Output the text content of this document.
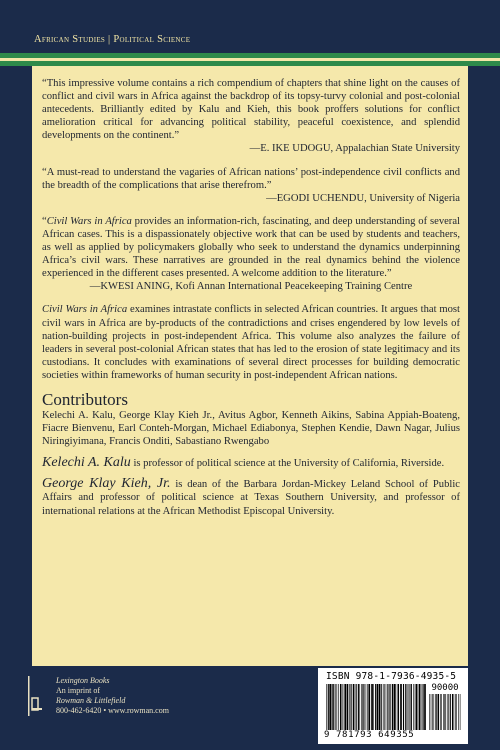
African Studies | Political Science

“This impressive volume contains a rich compendium of chapters that shine light on the causes of conflict and civil wars in Africa against the backdrop of its topsy-turvy colonial and post-colonial antecedents. Brilliantly edited by Kalu and Kieh, this book proffers solutions for conflict amelioration critical for advancing political stability, peaceful coexistence, and splendid developments on the continent.”

—E. IKE UDOGU, Appalachian State University

“A must-read to understand the vagaries of African nations’ post-independence civil conflicts and the breadth of the complications that arise therefrom.”

—EGODI UCHENDU, University of Nigeria

“Civil Wars in Africa provides an information-rich, fascinating, and deep understanding of several African cases. This is a dispassionately objective work that can be used by students and teachers, as well as applied by policymakers globally who seek to understand the dynamics underpinning Africa’s civil wars. These narratives are grounded in the real dynamics behind the violence experienced in the different cases presented. A welcome addition to the literature.”

—KWESI ANING, Kofi Annan International Peacekeeping Training Centre

Civil Wars in Africa examines intrastate conflicts in selected African countries. It argues that most civil wars in Africa are by-products of the contradictions and crises engendered by low levels of nation-building projects in post-independent Africa. This volume also analyzes the failure of leaders in several post-colonial African states that has led to the erosion of state legitimacy and its custodians. It concludes with examinations of several direct processes for building democratic societies within frameworks of human security in post-independent African nations.

Contributors

Kelechi A. Kalu, George Klay Kieh Jr., Avitus Agbor, Kenneth Aikins, Sabina Appiah-Boateng, Fiacre Bienvenu, Earl Conteh-Morgan, Michael Ediabonya, Stephen Kendie, Dawn Nagar, Julius Niringiyimana, Francis Onditi, Sabastiano Rwengabo

Kelechi A. Kalu is professor of political science at the University of California, Riverside.

George Klay Kieh, Jr. is dean of the Barbara Jordan-Mickey Leland School of Public Affairs and professor of political science at Texas Southern University, and professor of international relations at the African Methodist Episcopal University.

Lexington Books
An imprint of
Rowman & Littlefield
800-462-6420 • www.rowman.com
ISBN 978-1-7936-4935-5
90000
9 781793 649355
